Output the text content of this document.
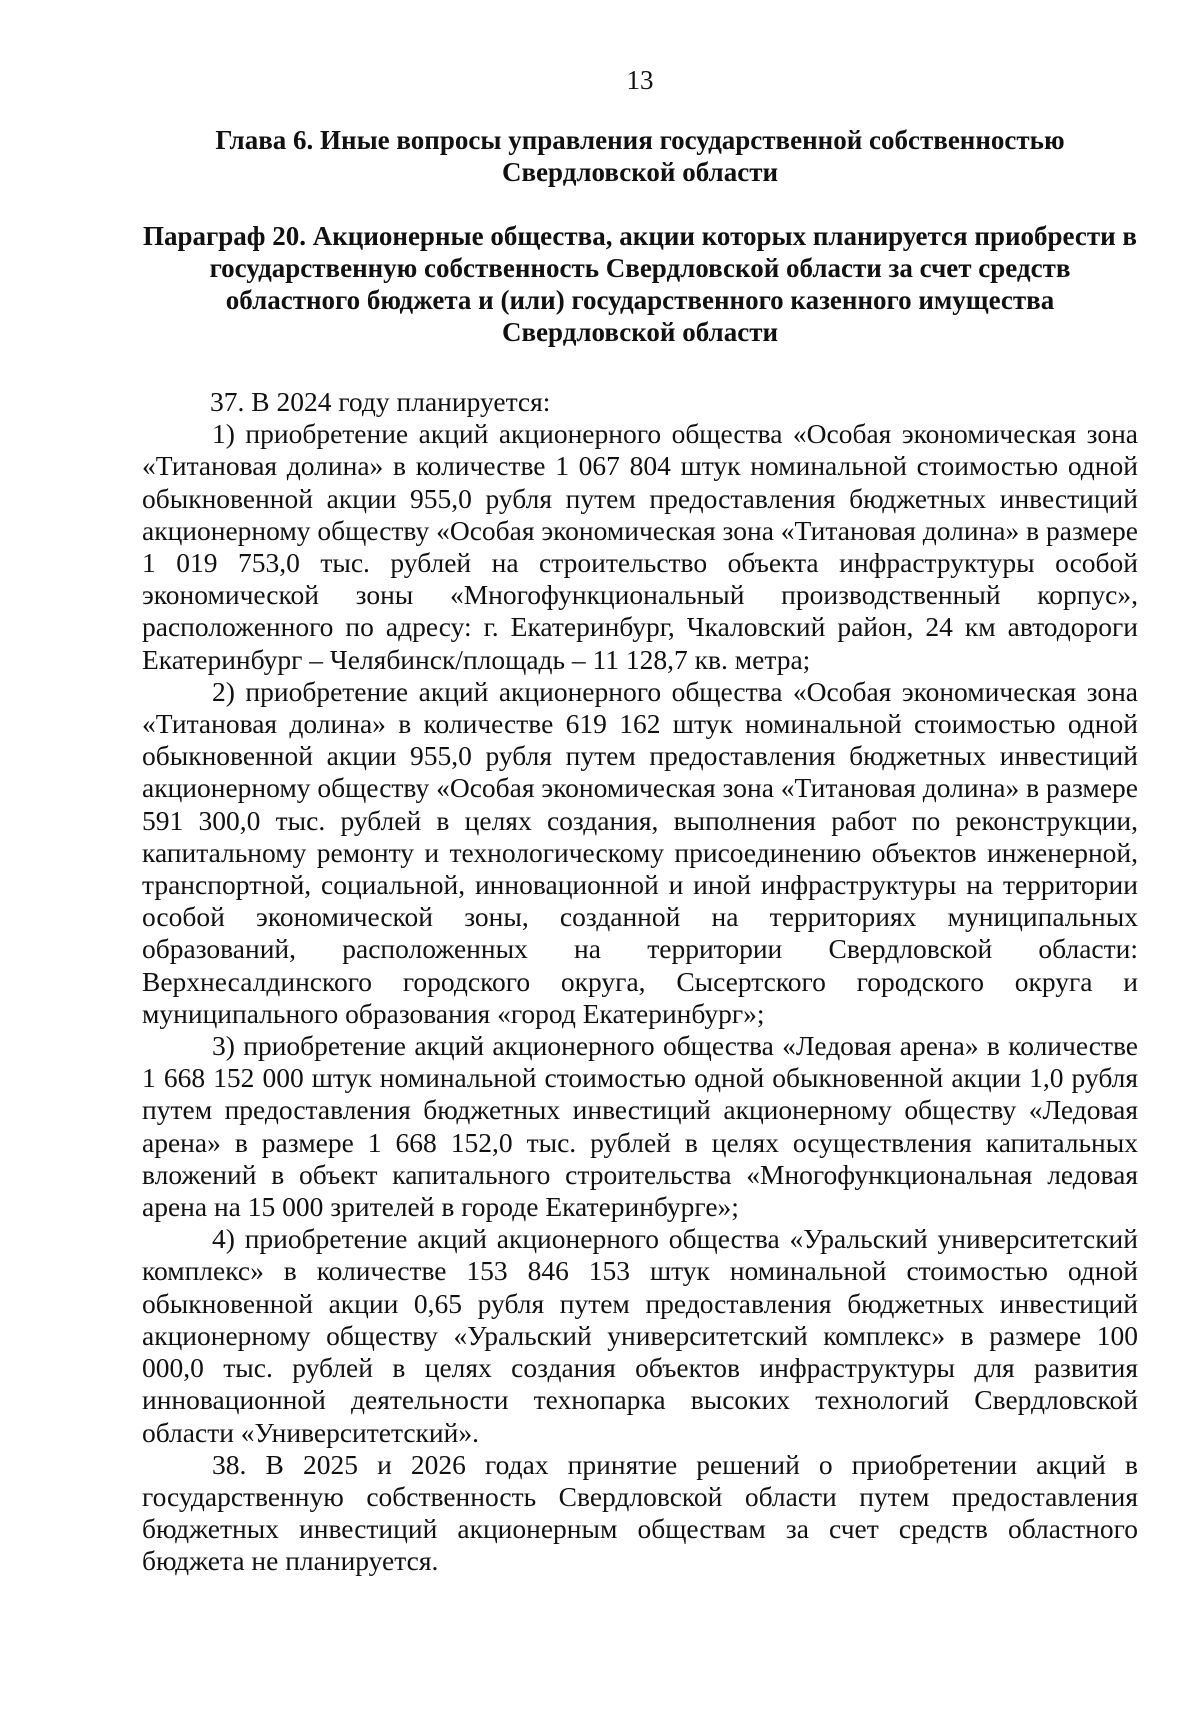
13
Глава 6. Иные вопросы управления государственной собственностью
Свердловской области
Параграф 20. Акционерные общества, акции которых планируется приобрести в государственную собственность Свердловской области за счет средств областного бюджета и (или) государственного казенного имущества Свердловской области

37. В 2024 году планируется:

1) приобретение акций акционерного общества «Особая экономическая зона «Титановая долина» в количестве 1 067 804 штук номинальной стоимостью одной обыкновенной акции 955,0 рубля путем предоставления бюджетных инвестиций акционерному обществу «Особая экономическая зона «Титановая долина» в размере 1 019 753,0 тыс. рублей на строительство объекта инфраструктуры особой экономической зоны «Многофункциональный производственный корпус», расположенного по адресу: г. Екатеринбург, Чкаловский район, 24 км автодороги Екатеринбург – Челябинск/площадь – 11 128,7 кв. метра;

2) приобретение акций акционерного общества «Особая экономическая зона «Титановая долина» в количестве 619 162 штук номинальной стоимостью одной обыкновенной акции 955,0 рубля путем предоставления бюджетных инвестиций акционерному обществу «Особая экономическая зона «Титановая долина» в размере 591 300,0 тыс. рублей в целях создания, выполнения работ по реконструкции, капитальному ремонту и технологическому присоединению объектов инженерной, транспортной, социальной, инновационной и иной инфраструктуры на территории особой экономической зоны, созданной на территориях муниципальных образований, расположенных на территории Свердловской области: Верхнесалдинского городского округа, Сысертского городского округа и муниципального образования «город Екатеринбург»;

3) приобретение акций акционерного общества «Ледовая арена» в количестве 1 668 152 000 штук номинальной стоимостью одной обыкновенной акции 1,0 рубля путем предоставления бюджетных инвестиций акционерному обществу «Ледовая арена» в размере 1 668 152,0 тыс. рублей в целях осуществления капитальных вложений в объект капитального строительства «Многофункциональная ледовая арена на 15 000 зрителей в городе Екатеринбурге»;

4) приобретение акций акционерного общества «Уральский университетский комплекс» в количестве 153 846 153 штук номинальной стоимостью одной обыкновенной акции 0,65 рубля путем предоставления бюджетных инвестиций акционерному обществу «Уральский университетский комплекс» в размере 100 000,0 тыс. рублей в целях создания объектов инфраструктуры для развития инновационной деятельности технопарка высоких технологий Свердловской области «Университетский».

38. В 2025 и 2026 годах принятие решений о приобретении акций в государственную собственность Свердловской области путем предоставления бюджетных инвестиций акционерным обществам за счет средств областного бюджета не планируется.
